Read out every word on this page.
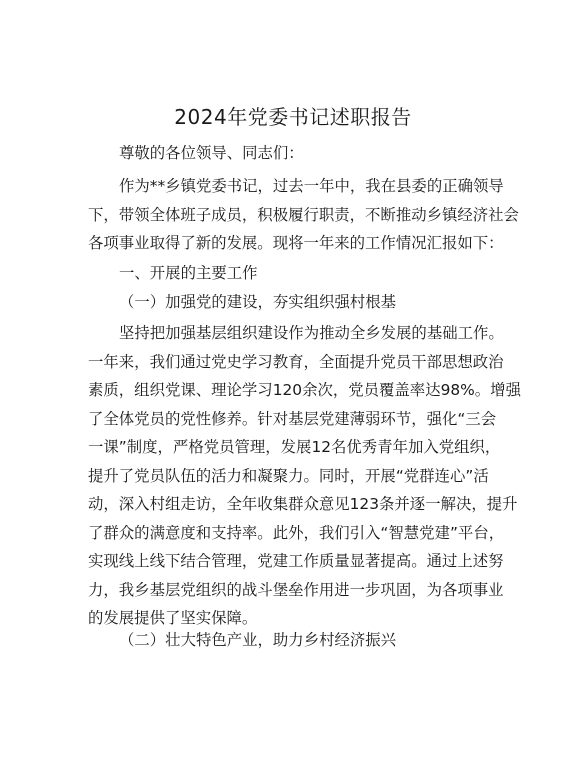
2024年党委书记述职报告
尊敬的各位领导、同志们：
作为**乡镇党委书记，过去一年中，我在县委的正确领导
下，带领全体班子成员，积极履行职责，不断推动乡镇经济社会
各项事业取得了新的发展。现将一年来的工作情况汇报如下：
一、开展的主要工作
（一）加强党的建设，夯实组织强村根基
坚持把加强基层组织建设作为推动全乡发展的基础工作。
一年来，我们通过党史学习教育，全面提升党员干部思想政治
素质，组织党课、理论学习120余次，党员覆盖率达98%。增强
了全体党员的党性修养。针对基层党建薄弱环节，强化“三会
一课”制度，严格党员管理，发展12名优秀青年加入党组织，
提升了党员队伍的活力和凝聚力。同时，开展“党群连心”活
动，深入村组走访，全年收集群众意见123条并逐一解决，提升
了群众的满意度和支持率。此外，我们引入“智慧党建”平台，
实现线上线下结合管理，党建工作质量显著提高。通过上述努
力，我乡基层党组织的战斗堡垒作用进一步巩固，为各项事业
的发展提供了坚实保障。
（二）壮大特色产业，助力乡村经济振兴
